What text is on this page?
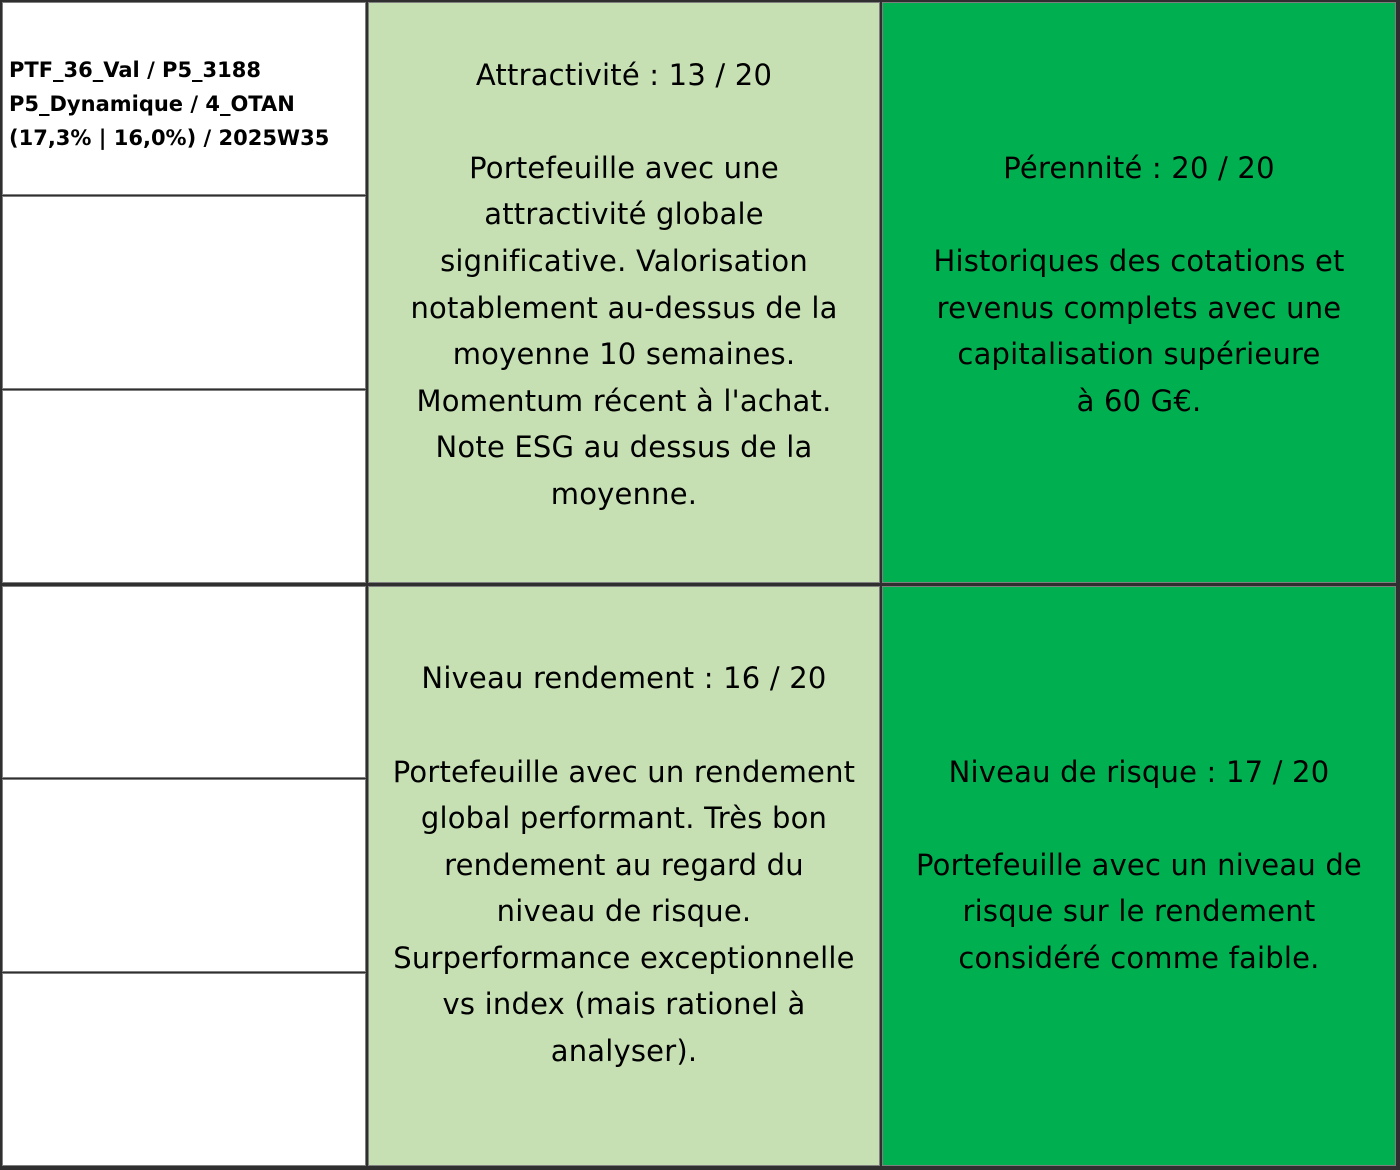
PTF_36_Val / P5_3188
P5_Dynamique / 4_OTAN
(17,3% | 16,0%) / 2025W35
Attractivité : 13 / 20
Portefeuille avec une
attractivité globale
significative. Valorisation
notablement au-dessus de la
moyenne 10 semaines.
Momentum récent à l'achat.
Note ESG au dessus de la
moyenne.
Pérennité : 20 / 20
Historiques des cotations et
revenus complets avec une
capitalisation supérieure
à 60 G€.
Niveau rendement : 16 / 20
Portefeuille avec un rendement
global performant. Très bon
rendement au regard du
niveau de risque.
Surperformance exceptionnelle
vs index (mais rationel à
analyser).
Niveau de risque : 17 / 20
Portefeuille avec un niveau de
risque sur le rendement
considéré comme faible.
